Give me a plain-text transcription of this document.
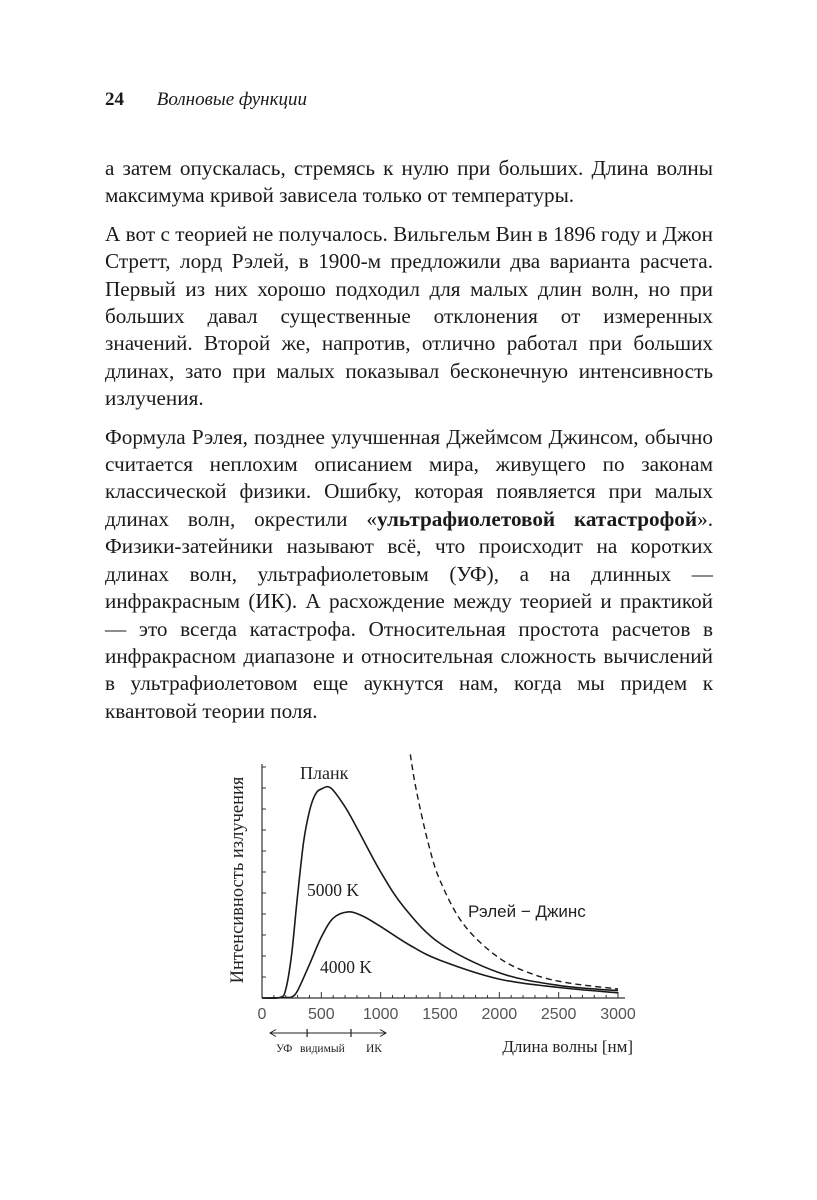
24 Волновые функции

а затем опускалась, стремясь к нулю при больших. Длина волны максимума кривой зависела только от температуры.

А вот с теорией не получалось. Вильгельм Вин в 1896 году и Джон Стретт, лорд Рэлей, в 1900-м предложили два варианта расчета. Первый из них хорошо подходил для малых длин волн, но при больших давал существенные отклонения от измеренных значений. Второй же, напротив, отлично работал при больших длинах, зато при малых показывал бесконечную интенсивность излучения.

Формула Рэлея, позднее улучшенная Джеймсом Джинсом, обычно считается неплохим описанием мира, живущего по законам классической физики. Ошибку, которая появляется при малых длинах волн, окрестили «ультрафиолетовой катастрофой». Физики-затейники называют всё, что происходит на коротких длинах волн, ультрафиолетовым (УФ), а на длинных — инфракрасным (ИК). А расхождение между теорией и практикой — это всегда катастрофа. Относительная простота расчетов в инфракрасном диапазоне и относительная сложность вычислений в ультрафиолетовом еще аукнутся нам, когда мы придем к квантовой теории поля.

0	500 1000 1500 2000 2500 3000
Интенсивность излучения
Длина волны [нм]
Планк
5000 K
4000 K
Рэлей − Джинс
УФ видимый ИК
